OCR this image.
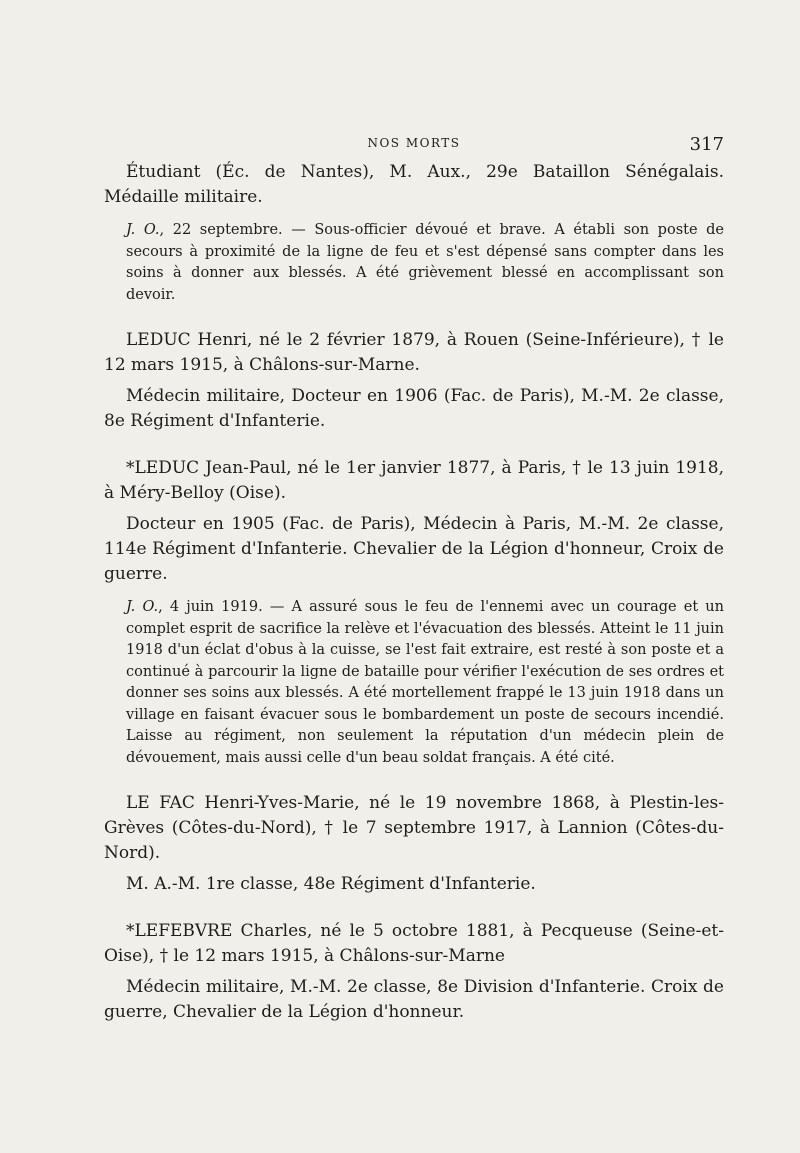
NOS MORTS	317

Étudiant (Éc. de Nantes), M. Aux., 29e Bataillon Sénégalais. Médaille militaire.

J. O., 22 septembre. — Sous-officier dévoué et brave. A établi son poste de secours à proximité de la ligne de feu et s'est dépensé sans compter dans les soins à donner aux blessés. A été grièvement blessé en accomplissant son devoir.

LEDUC Henri, né le 2 février 1879, à Rouen (Seine-Inférieure), † le 12 mars 1915, à Châlons-sur-Marne.

Médecin militaire, Docteur en 1906 (Fac. de Paris), M.-M. 2e classe, 8e Régiment d'Infanterie.

*LEDUC Jean-Paul, né le 1er janvier 1877, à Paris, † le 13 juin 1918, à Méry-Belloy (Oise).

Docteur en 1905 (Fac. de Paris), Médecin à Paris, M.-M. 2e classe, 114e Régiment d'Infanterie. Chevalier de la Légion d'honneur, Croix de guerre.

J. O., 4 juin 1919. — A assuré sous le feu de l'ennemi avec un courage et un complet esprit de sacrifice la relève et l'évacuation des blessés. Atteint le 11 juin 1918 d'un éclat d'obus à la cuisse, se l'est fait extraire, est resté à son poste et a continué à parcourir la ligne de bataille pour vérifier l'exécution de ses ordres et donner ses soins aux blessés. A été mortellement frappé le 13 juin 1918 dans un village en faisant évacuer sous le bombardement un poste de secours incendié. Laisse au régiment, non seulement la réputation d'un médecin plein de dévouement, mais aussi celle d'un beau soldat français. A été cité.

LE FAC Henri-Yves-Marie, né le 19 novembre 1868, à Plestin-les-Grèves (Côtes-du-Nord), † le 7 septembre 1917, à Lannion (Côtes-du-Nord).

M. A.-M. 1re classe, 48e Régiment d'Infanterie.

*LEFEBVRE Charles, né le 5 octobre 1881, à Pecqueuse (Seine-et-Oise), † le 12 mars 1915, à Châlons-sur-Marne

Médecin militaire, M.-M. 2e classe, 8e Division d'Infanterie. Croix de guerre, Chevalier de la Légion d'honneur.
